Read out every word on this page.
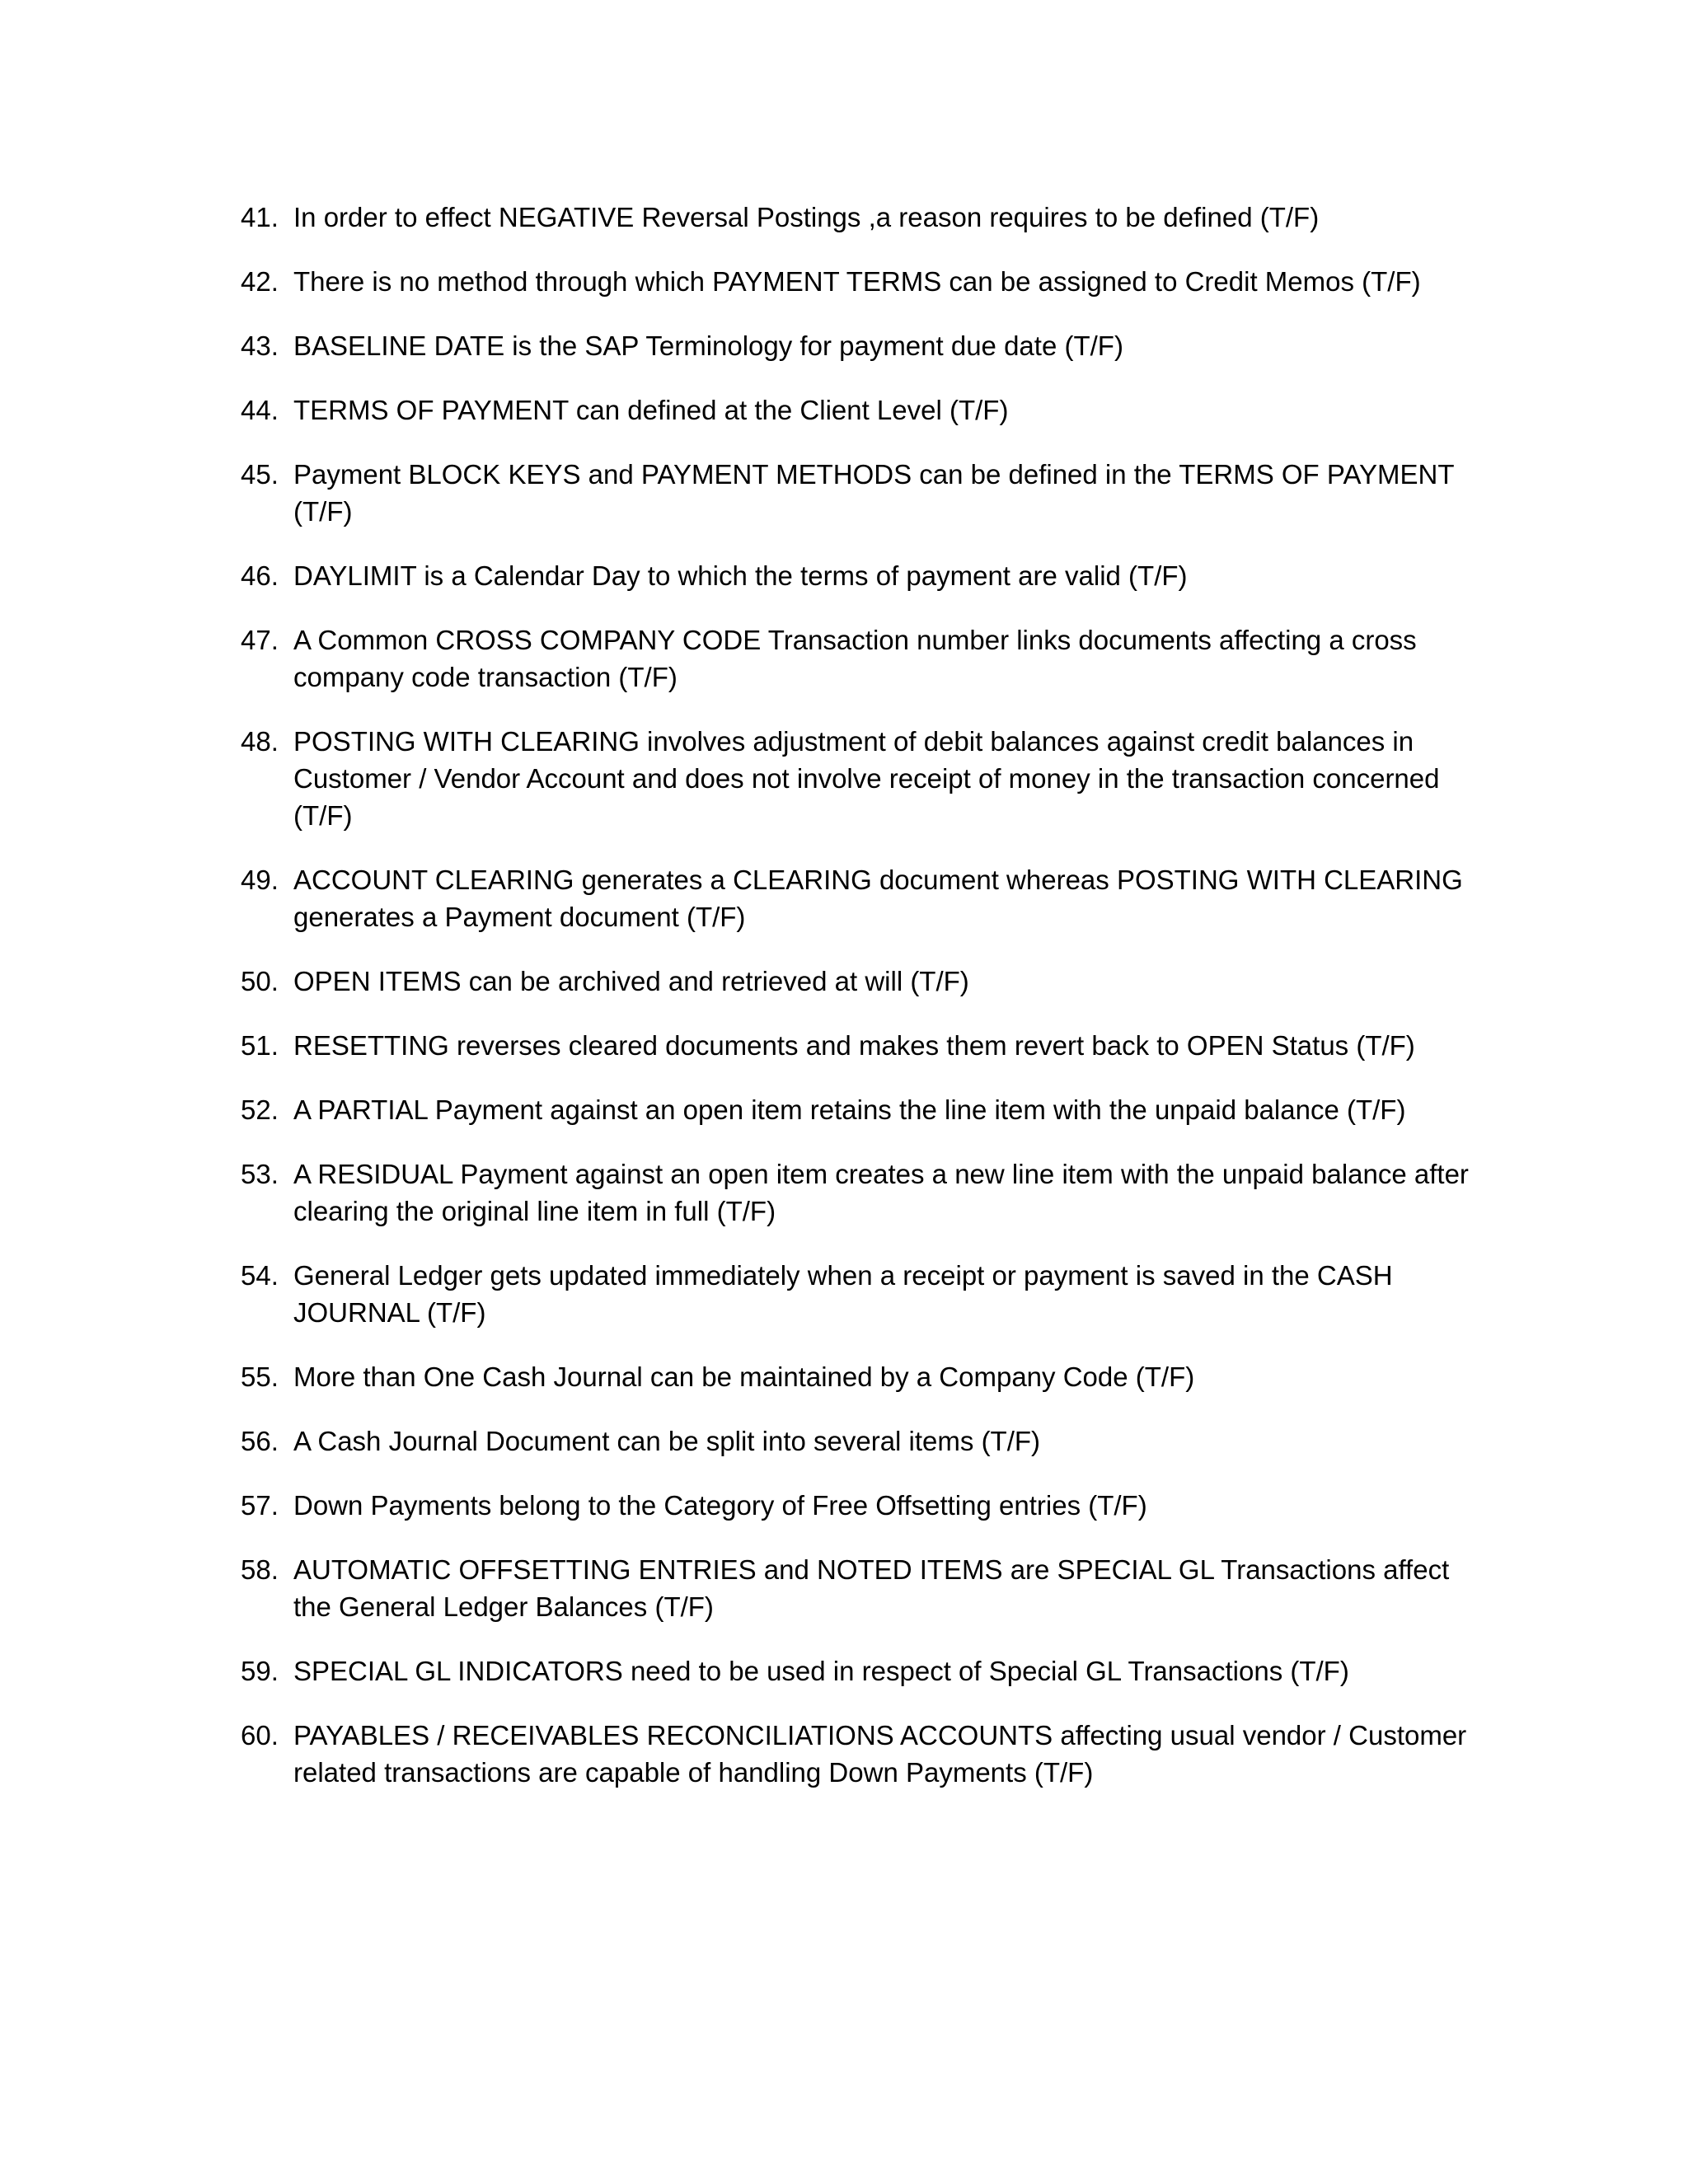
41. In order to effect NEGATIVE Reversal Postings ,a reason requires to be defined (T/F)
42. There is no method through which PAYMENT TERMS can be assigned to Credit Memos (T/F)
43. BASELINE DATE is the SAP Terminology for payment due date (T/F)
44. TERMS OF PAYMENT can defined at the Client Level (T/F)
45. Payment BLOCK KEYS and PAYMENT METHODS can be defined in the TERMS OF PAYMENT (T/F)
46. DAYLIMIT is a Calendar Day to which the terms of payment are valid (T/F)
47. A Common CROSS COMPANY CODE Transaction number links documents affecting a cross company code transaction (T/F)
48. POSTING WITH CLEARING involves adjustment of debit balances against credit balances in Customer / Vendor Account and does not involve receipt of money in the transaction concerned (T/F)
49. ACCOUNT CLEARING generates a CLEARING document whereas POSTING WITH CLEARING generates a Payment document (T/F)
50. OPEN ITEMS can be archived and retrieved at will (T/F)
51. RESETTING reverses cleared documents and makes them revert back to OPEN Status (T/F)
52. A PARTIAL Payment against an open item retains the line item with the unpaid balance (T/F)
53. A RESIDUAL Payment against an open item creates a new line item with the unpaid balance after clearing the original line item in full (T/F)
54. General Ledger gets updated immediately when a receipt or payment is saved in the CASH JOURNAL (T/F)
55. More than One Cash Journal can be maintained by a Company Code (T/F)
56. A Cash Journal Document can be split into several items (T/F)
57. Down Payments belong to the Category of Free Offsetting entries (T/F)
58. AUTOMATIC OFFSETTING ENTRIES and NOTED ITEMS are SPECIAL GL Transactions affect the General Ledger Balances (T/F)
59. SPECIAL GL INDICATORS need to be used in respect of Special GL Transactions (T/F)
60. PAYABLES / RECEIVABLES RECONCILIATIONS ACCOUNTS affecting usual vendor / Customer related transactions are capable of handling Down Payments (T/F)
